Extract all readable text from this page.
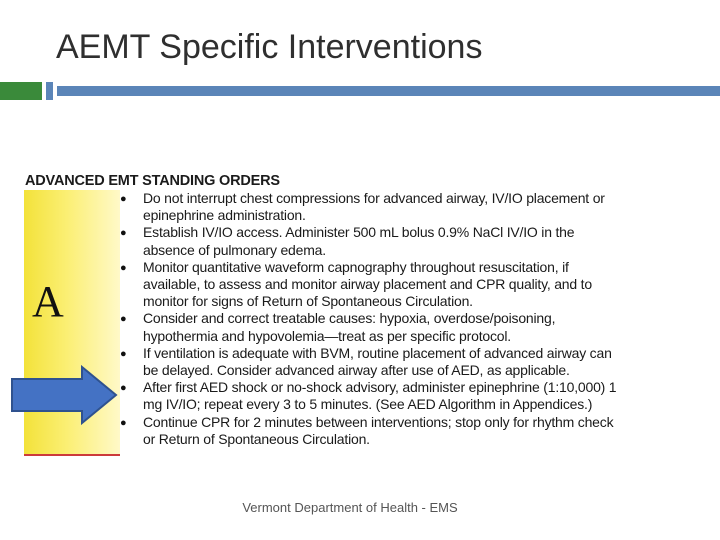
AEMT Specific Interventions
ADVANCED EMT STANDING ORDERS
A
● Do not interrupt chest compressions for advanced airway, IV/IO placement or
epinephrine administration.
● Establish IV/IO access. Administer 500 mL bolus 0.9% NaCl IV/IO in the
absence of pulmonary edema.
● Monitor quantitative waveform capnography throughout resuscitation, if
available, to assess and monitor airway placement and CPR quality, and to
monitor for signs of Return of Spontaneous Circulation.
● Consider and correct treatable causes: hypoxia, overdose/poisoning,
hypothermia and hypovolemia—treat as per specific protocol.
● If ventilation is adequate with BVM, routine placement of advanced airway can
be delayed. Consider advanced airway after use of AED, as applicable.
● After first AED shock or no-shock advisory, administer epinephrine (1:10,000) 1
mg IV/IO; repeat every 3 to 5 minutes. (See AED Algorithm in Appendices.)
● Continue CPR for 2 minutes between interventions; stop only for rhythm check
or Return of Spontaneous Circulation.
Vermont Department of Health - EMS
